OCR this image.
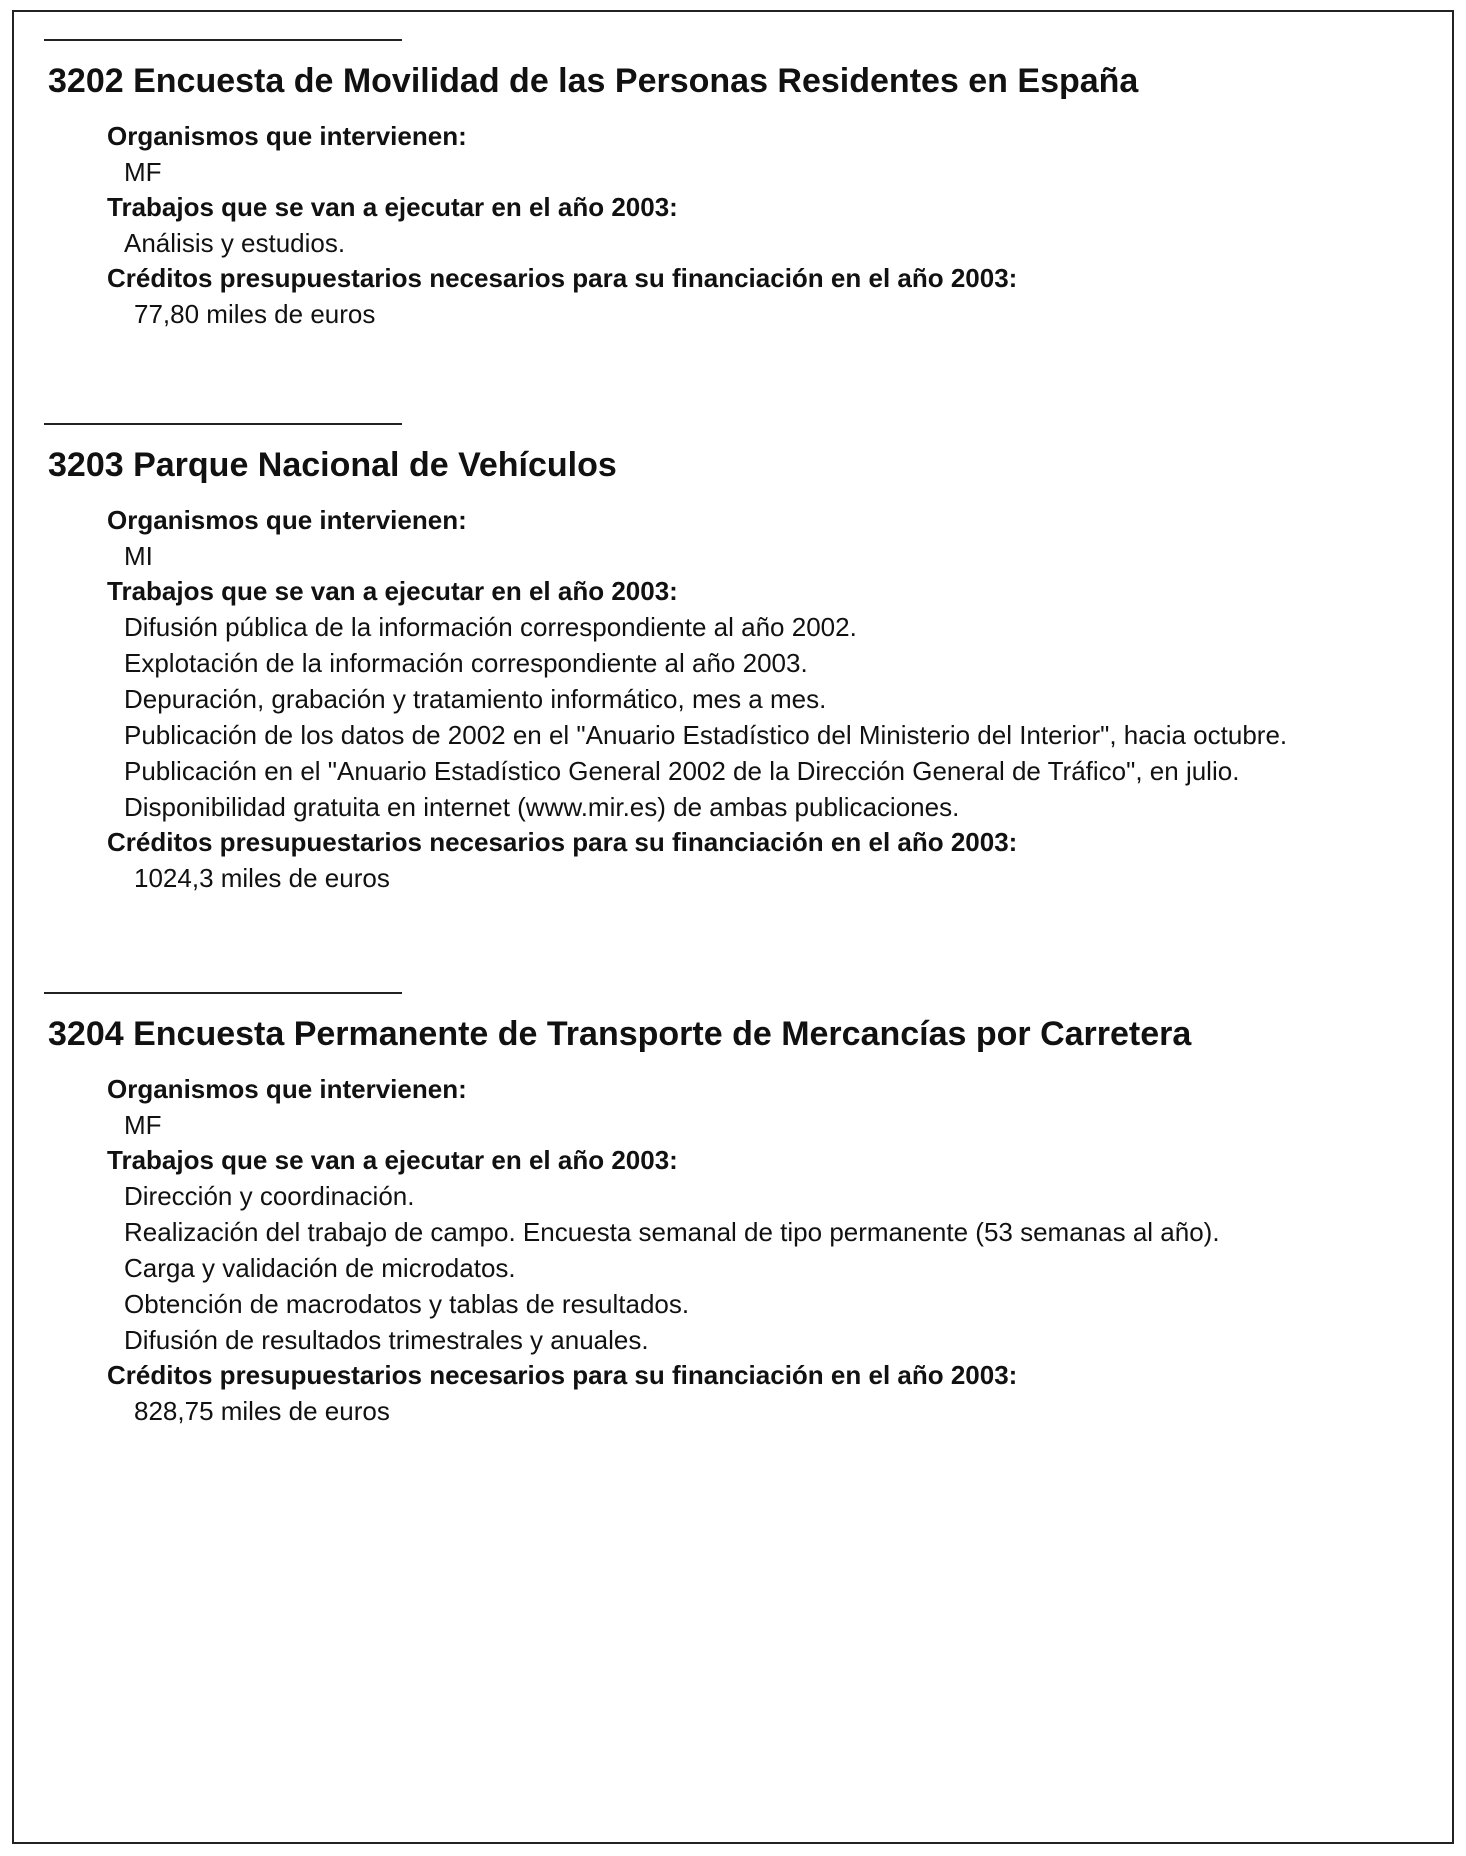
3202 Encuesta de Movilidad de las Personas Residentes en España
Organismos que intervienen:
MF
Trabajos que se van a ejecutar en el año 2003:
Análisis y estudios.
Créditos presupuestarios necesarios para su financiación en el año 2003:
77,80 miles de euros
3203 Parque Nacional de Vehículos
Organismos que intervienen:
MI
Trabajos que se van a ejecutar en el año 2003:
Difusión pública de la información correspondiente al año 2002.
Explotación de la información correspondiente al año 2003.
Depuración, grabación y tratamiento informático, mes a mes.
Publicación de los datos de 2002 en el "Anuario Estadístico del Ministerio del Interior", hacia octubre.
Publicación en el "Anuario Estadístico General 2002 de la Dirección General de Tráfico", en julio.
Disponibilidad gratuita en internet (www.mir.es) de ambas publicaciones.
Créditos presupuestarios necesarios para su financiación en el año 2003:
1024,3 miles de euros
3204 Encuesta Permanente de Transporte de Mercancías por Carretera
Organismos que intervienen:
MF
Trabajos que se van a ejecutar en el año 2003:
Dirección y coordinación.
Realización del trabajo de campo. Encuesta semanal de tipo permanente (53 semanas al año).
Carga y validación de microdatos.
Obtención de macrodatos y tablas de resultados.
Difusión de resultados trimestrales y anuales.
Créditos presupuestarios necesarios para su financiación en el año 2003:
828,75 miles de euros
